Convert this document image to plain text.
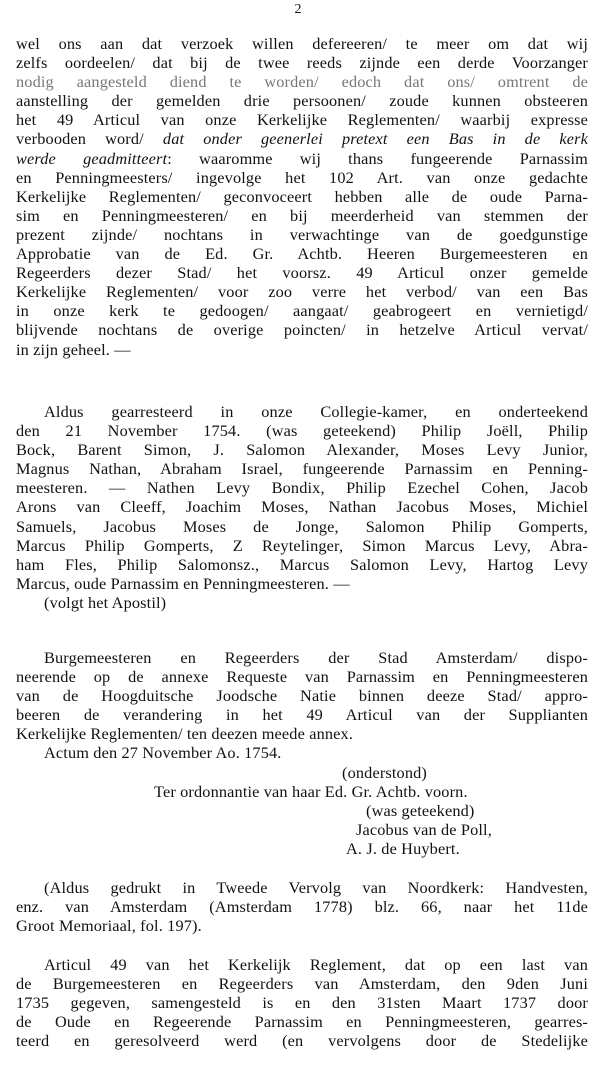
2
wel ons aan dat verzoek willen defereeren/ te meer om dat wij
zelfs oordeelen/ dat bij de twee reeds zijnde een derde Voorzanger
nodig aangesteld diend te worden/ edoch dat ons/ omtrent de
aanstelling der gemelden drie persoonen/ zoude kunnen obsteeren
het 49 Articul van onze Kerkelijke Reglementen/ waarbij expresse
verbooden word/ dat onder geenerlei pretext een Bas in de kerk
werde geadmitteert: waaromme wij thans fungeerende Parnassim
en Penningmeesters/ ingevolge het 102 Art. van onze gedachte
Kerkelijke Reglementen/ geconvoceert hebben alle de oude Parna-
sim en Penningmeesteren/ en bij meerderheid van stemmen der
prezent zijnde/ nochtans in verwachtinge van de goedgunstige
Approbatie van de Ed. Gr. Achtb. Heeren Burgemeesteren en
Regeerders dezer Stad/ het voorsz. 49 Articul onzer gemelde
Kerkelijke Reglementen/ voor zoo verre het verbod/ van een Bas
in onze kerk te gedoogen/ aangaat/ geabrogeert en vernietigd/
blijvende nochtans de overige poincten/ in hetzelve Articul vervat/
in zijn geheel. —
Aldus gearresteerd in onze Collegie-kamer, en onderteekend
den 21 November 1754. (was geteekend) Philip Joëll, Philip
Bock, Barent Simon, J. Salomon Alexander, Moses Levy Junior,
Magnus Nathan, Abraham Israel, fungeerende Parnassim en Penning-
meesteren. — Nathen Levy Bondix, Philip Ezechel Cohen, Jacob
Arons van Cleeff, Joachim Moses, Nathan Jacobus Moses, Michiel
Samuels, Jacobus Moses de Jonge, Salomon Philip Gomperts,
Marcus Philip Gomperts, Z Reytelinger, Simon Marcus Levy, Abra-
ham Fles, Philip Salomonsz., Marcus Salomon Levy, Hartog Levy
Marcus, oude Parnassim en Penningmeesteren. —
(volgt het Apostil)
Burgemeesteren en Regeerders der Stad Amsterdam/ dispo-
neerende op de annexe Requeste van Parnassim en Penningmeesteren
van de Hoogduitsche Joodsche Natie binnen deeze Stad/ appro-
beeren de verandering in het 49 Articul van der Supplianten
Kerkelijke Reglementen/ ten deezen meede annex.
Actum den 27 November Ao. 1754.
(onderstond)
Ter ordonnantie van haar Ed. Gr. Achtb. voorn.
(was geteekend)
Jacobus van de Poll,
A. J. de Huybert.
(Aldus gedrukt in Tweede Vervolg van Noordkerk: Handvesten,
enz. van Amsterdam (Amsterdam 1778) blz. 66, naar het 11de
Groot Memoriaal, fol. 197).
Articul 49 van het Kerkelijk Reglement, dat op een last van
de Burgemeesteren en Regeerders van Amsterdam, den 9den Juni
1735 gegeven, samengesteld is en den 31sten Maart 1737 door
de Oude en Regeerende Parnassim en Penningmeesteren, gearres-
teerd en geresolveerd werd (en vervolgens door de Stedelijke
